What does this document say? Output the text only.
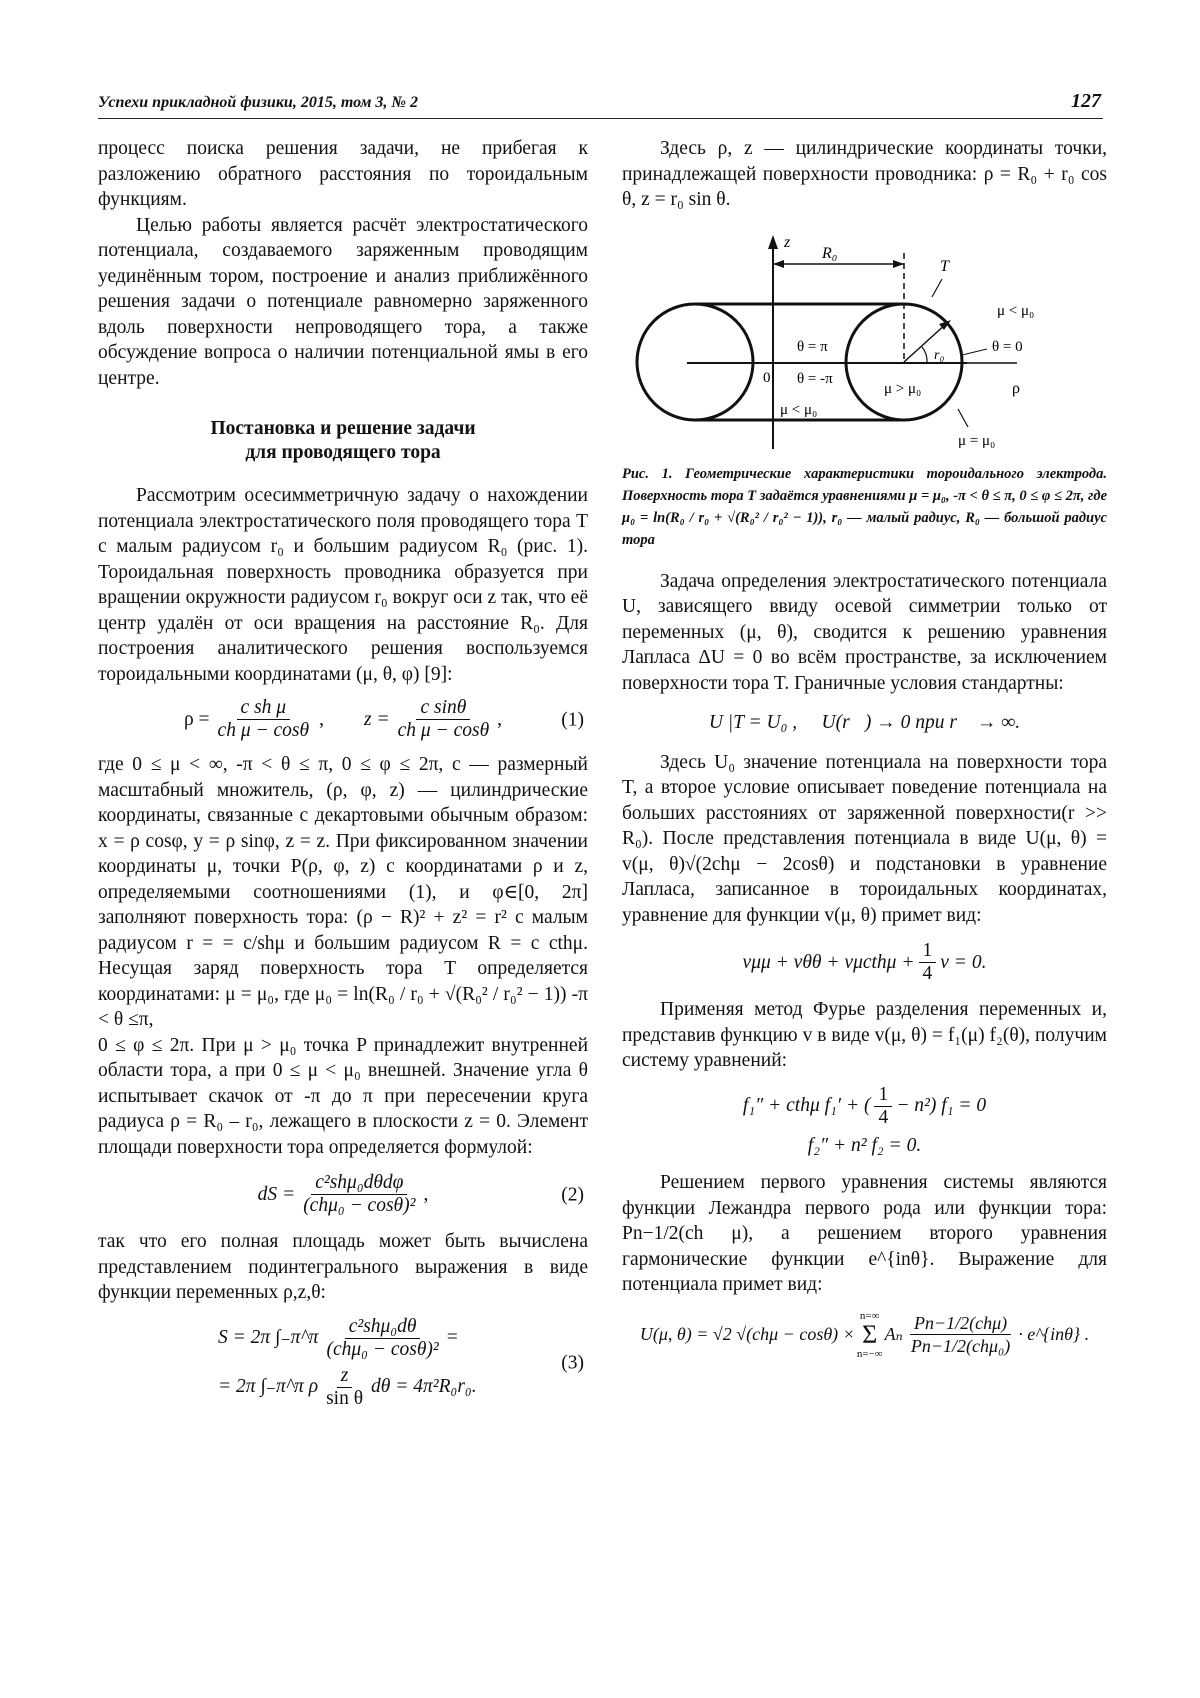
Успехи прикладной физики, 2015, том 3, № 2	127

процесс поиска решения задачи, не прибегая к разложению обратного расстояния по тороидальным функциям.

Целью работы является расчёт электростатического потенциала, создаваемого заряженным проводящим уединённым тором, построение и анализ приближённого решения задачи о потенциале равномерно заряженного вдоль поверхности непроводящего тора, а также обсуждение вопроса о наличии потенциальной ямы в его центре.

Постановка и решение задачи
для проводящего тора

Рассмотрим осесимметричную задачу о нахождении потенциала электростатического поля проводящего тора T с малым радиусом r₀ и большим радиусом R₀ (рис. 1). Тороидальная поверхность проводника образуется при вращении окружности радиусом r₀ вокруг оси z так, что её центр удалён от оси вращения на расстояние R₀. Для построения аналитического решения воспользуемся тороидальными координатами (μ, θ, φ) [9]:

$\rho = \frac{\text{c sh μ}}{\text{ch μ − cosθ}}$ , $z = \frac{\text{c sinθ}}{\text{ch μ − cosθ}}$ ,	(1)

где 0 ≤ μ < ∞, -π < θ ≤ π, 0 ≤ φ ≤ 2π, c — размерный масштабный множитель, (ρ, φ, z) — цилиндрические координаты, связанные с декартовыми обычным образом: x = ρ cosφ, y = ρ sinφ, z = z. При фиксированном значении координаты μ, точки P(ρ, φ, z) с координатами ρ и z, определяемыми соотношениями (1), и φ∈[0, 2π] заполняют поверхность тора: (ρ − R)² + z² = r² с малым радиусом r = = c/shμ и большим радиусом R = c cthμ. Несущая заряд поверхность тора T определяется координатами: μ = μ₀, где μ₀ = ln(R₀ / r₀ + √(R₀² / r₀² − 1)) -π < θ ≤π,

0 ≤ φ ≤ 2π. При μ > μ₀ точка P принадлежит внутренней области тора, а при 0 ≤ μ < μ₀ внешней. Значение угла θ испытывает скачок от -π до π при пересечении круга радиуса ρ = R₀ – r₀, лежащего в плоскости z = 0. Элемент площади поверхности тора определяется формулой:

dS = $\frac{\text{c²shμ₀dθdφ}}{\text{(chμ₀ − cosθ)²}}$ ,	(2)

так что его полная площадь может быть вычислена представлением подинтегрального выражения в виде функции переменных ρ,z,θ:

S = 2π ∫₋π^π $\frac{\text{c²shμ₀dθ}}{\text{(chμ₀ − cosθ)²}}$ =
= 2π ∫₋π^π ρ $\frac{z}{\text{sin θ}}$ dθ = 4π²R₀r₀.
(3)

Здесь ρ, z — цилиндрические координаты точки, принадлежащей поверхности проводника: ρ = R₀ + r₀ cos θ, z = r₀ sin θ.

z
R₀
T
μ < μ₀
θ = π
r₀
θ = 0
0 θ = -π
μ > μ₀	ρ
μ < μ₀
μ = μ₀

Рис. 1. Геометрические характеристики тороидального электрода. Поверхность тора T задаётся уравнениями μ = μ₀, -π < θ ≤ π, 0 ≤ φ ≤ 2π, где μ₀ = ln(R₀ / r₀ + √(R₀² / r₀² − 1)), r₀ — малый радиус, R₀ — большой радиус тора

Задача определения электростатического потенциала U, зависящего ввиду осевой симметрии только от переменных (μ, θ), сводится к решению уравнения Лапласа ΔU = 0 во всём пространстве, за исключением поверхности тора T. Граничные условия стандартны:

U |T = U₀ ,     U(r⃗) → 0 при r⃗ → ∞.

Здесь U₀ значение потенциала на поверхности тора T, а второе условие описывает поведение потенциала на больших расстояниях от заряженной поверхности(r >> R₀). После представления потенциала в виде U(μ, θ) = v(μ, θ)√(2chμ − 2cosθ) и подстановки в уравнение Лапласа, записанное в тороидальных координатах, уравнение для функции v(μ, θ) примет вид:

$v\mu\mu + v\theta\theta + v\mu cth\mu + \frac{1}{4}$ v = 0.

Применяя метод Фурье разделения переменных и, представив функцию v в виде v(μ, θ) = f₁(μ) f₂(θ), получим систему уравнений:

f₁″ + cthμ f₁′ + ( $\frac{1}{4} - n^2$) f₁ = 0
f₂″ + n² f₂ = 0.

Решением первого уравнения системы являются функции Лежандра первого рода или функции тора: Pn−1/2(ch μ), а решением второго уравнения гармонические функции e^{inθ}. Выражение для потенциала примет вид:

U(μ, θ) = √2 √(chμ − cosθ) ×
n=∞
Σ
n=−∞
Aₙ $\frac{\text{Pn−1/2(chμ)}}{\text{Pn−1/2(chμ₀)}}$ · e^{inθ} .
